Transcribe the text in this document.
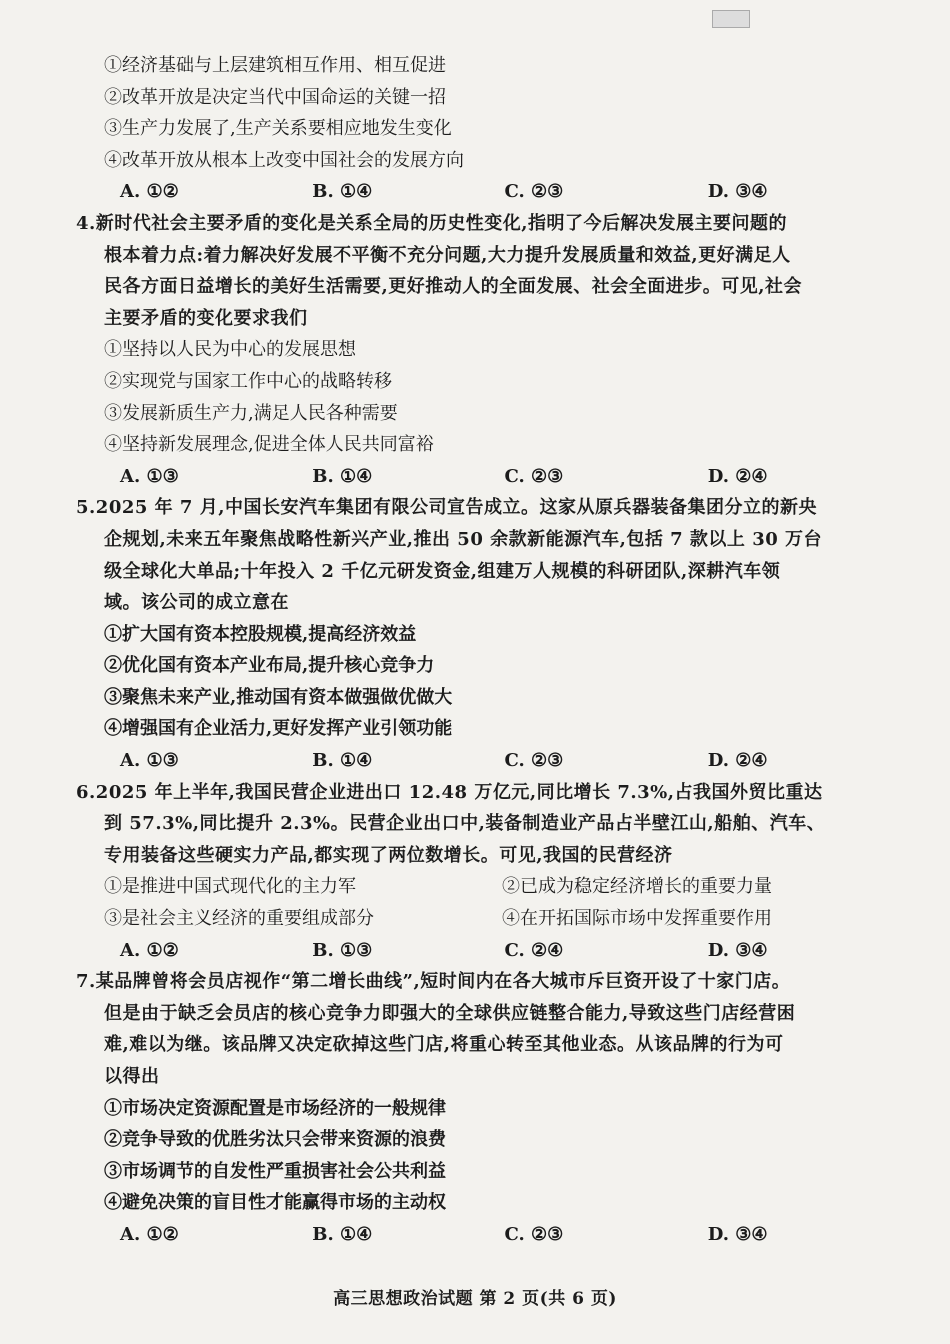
①经济基础与上层建筑相互作用、相互促进
②改革开放是决定当代中国命运的关键一招
③生产力发展了,生产关系要相应地发生变化
④改革开放从根本上改变中国社会的发展方向
A. ①②	B. ①④	C. ②③	D. ③④
4.新时代社会主要矛盾的变化是关系全局的历史性变化,指明了今后解决发展主要问题的
根本着力点:着力解决好发展不平衡不充分问题,大力提升发展质量和效益,更好满足人
民各方面日益增长的美好生活需要,更好推动人的全面发展、社会全面进步。可见,社会
主要矛盾的变化要求我们
①坚持以人民为中心的发展思想
②实现党与国家工作中心的战略转移
③发展新质生产力,满足人民各种需要
④坚持新发展理念,促进全体人民共同富裕
A. ①③	B. ①④	C. ②③	D. ②④
5.2025 年 7 月,中国长安汽车集团有限公司宣告成立。这家从原兵器装备集团分立的新央
企规划,未来五年聚焦战略性新兴产业,推出 50 余款新能源汽车,包括 7 款以上 30 万台
级全球化大单品;十年投入 2 千亿元研发资金,组建万人规模的科研团队,深耕汽车领
域。该公司的成立意在
①扩大国有资本控股规模,提高经济效益
②优化国有资本产业布局,提升核心竞争力
③聚焦未来产业,推动国有资本做强做优做大
④增强国有企业活力,更好发挥产业引领功能
A. ①③	B. ①④	C. ②③	D. ②④
6.2025 年上半年,我国民营企业进出口 12.48 万亿元,同比增长 7.3%,占我国外贸比重达
到 57.3%,同比提升 2.3%。民营企业出口中,装备制造业产品占半壁江山,船舶、汽车、
专用装备这些硬实力产品,都实现了两位数增长。可见,我国的民营经济
①是推进中国式现代化的主力军	②已成为稳定经济增长的重要力量
③是社会主义经济的重要组成部分	④在开拓国际市场中发挥重要作用
A. ①②	B. ①③	C. ②④	D. ③④
7.某品牌曾将会员店视作“第二增长曲线”,短时间内在各大城市斥巨资开设了十家门店。
但是由于缺乏会员店的核心竞争力即强大的全球供应链整合能力,导致这些门店经营困
难,难以为继。该品牌又决定砍掉这些门店,将重心转至其他业态。从该品牌的行为可
以得出
①市场决定资源配置是市场经济的一般规律
②竞争导致的优胜劣汰只会带来资源的浪费
③市场调节的自发性严重损害社会公共利益
④避免决策的盲目性才能赢得市场的主动权
A. ①②	B. ①④	C. ②③	D. ③④
高三思想政治试题 第 2 页(共 6 页)
